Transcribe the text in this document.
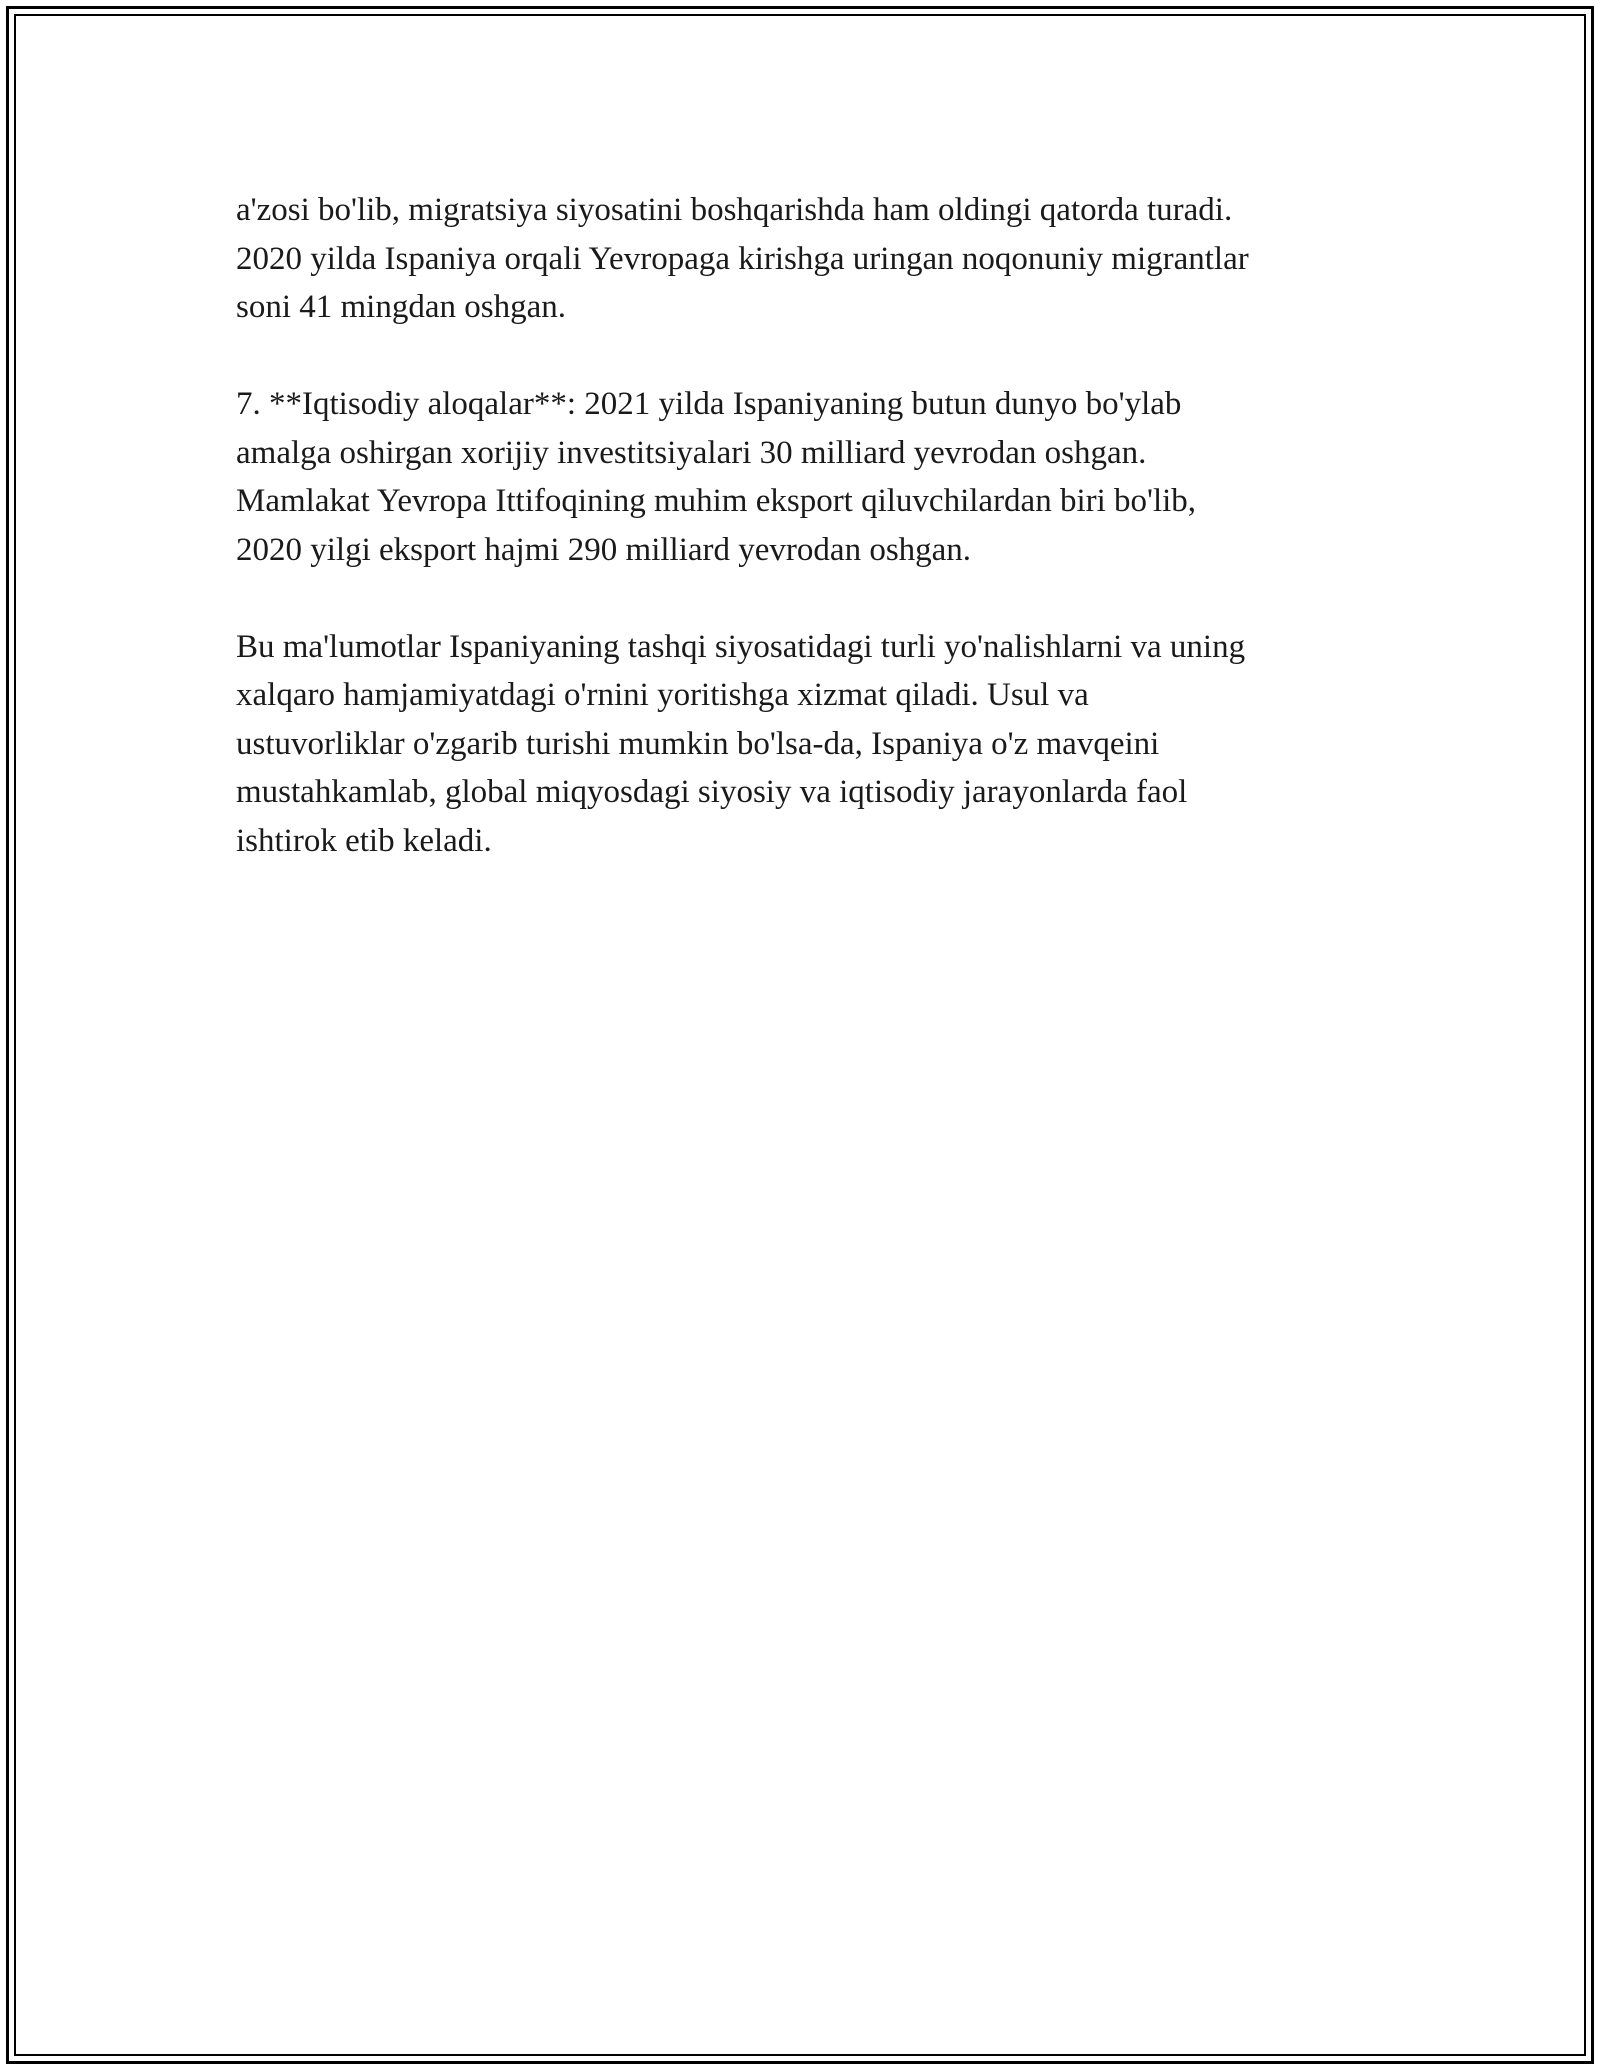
a'zosi bo'lib, migratsiya siyosatini boshqarishda ham oldingi qatorda turadi.
2020 yilda Ispaniya orqali Yevropaga kirishga uringan noqonuniy migrantlar
soni 41 mingdan oshgan.

7. **Iqtisodiy aloqalar**: 2021 yilda Ispaniyaning butun dunyo bo'ylab
amalga oshirgan xorijiy investitsiyalari 30 milliard yevrodan oshgan.
Mamlakat Yevropa Ittifoqining muhim eksport qiluvchilardan biri bo'lib,
2020 yilgi eksport hajmi 290 milliard yevrodan oshgan.

Bu ma'lumotlar Ispaniyaning tashqi siyosatidagi turli yo'nalishlarni va uning
xalqaro hamjamiyatdagi o'rnini yoritishga xizmat qiladi. Usul va
ustuvorliklar o'zgarib turishi mumkin bo'lsa-da, Ispaniya o'z mavqeini
mustahkamlab, global miqyosdagi siyosiy va iqtisodiy jarayonlarda faol
ishtirok etib keladi.
